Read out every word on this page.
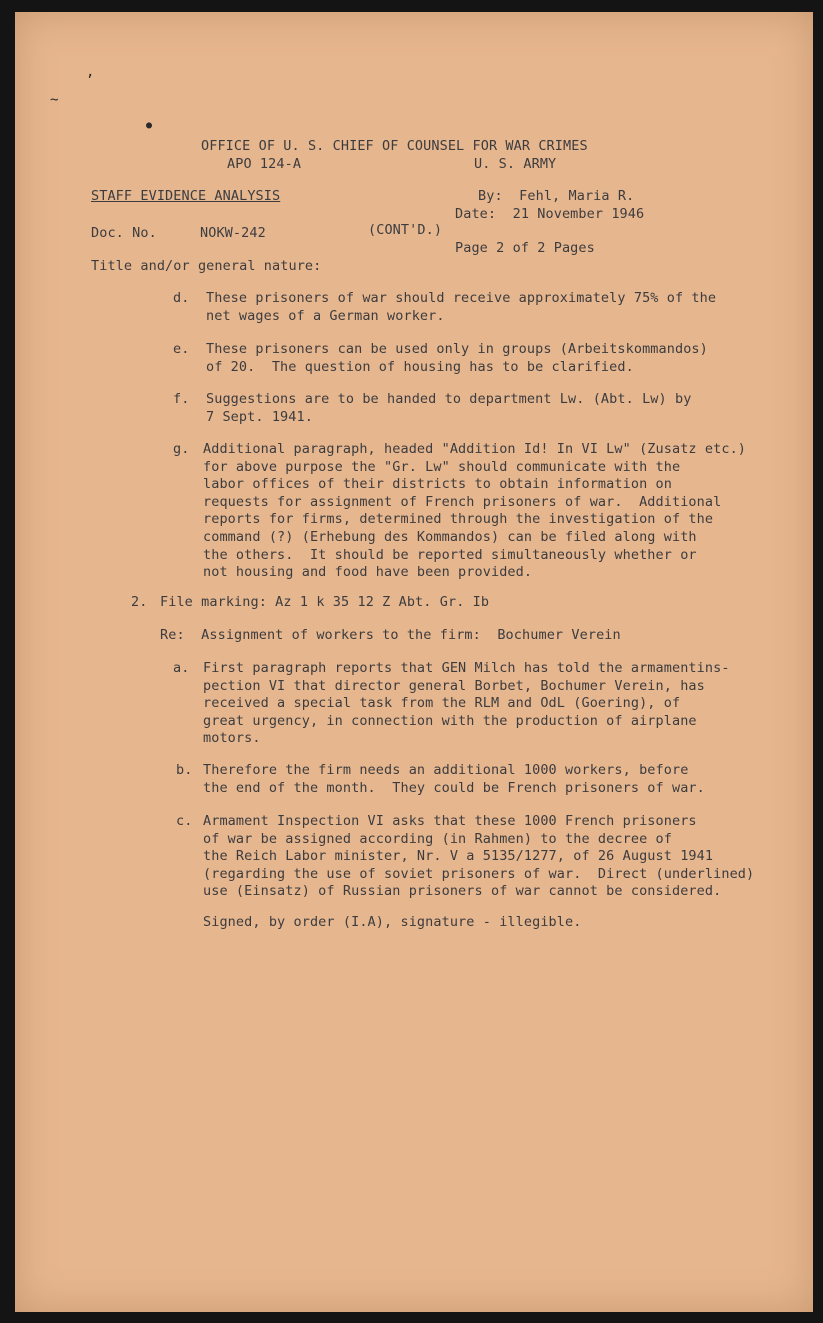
,
~
●
OFFICE OF U. S. CHIEF OF COUNSEL FOR WAR CRIMES
APO 124-A	U. S. ARMY
STAFF EVIDENCE ANALYSIS	By:  Fehl, Maria R.
Date:  21 November 1946
Doc. No.	NOKW-242	(CONT'D.)
Page 2 of 2 Pages
Title and/or general nature:
d. These prisoners of war should receive approximately 75% of the
net wages of a German worker.
e. These prisoners can be used only in groups (Arbeitskommandos)
of 20.  The question of housing has to be clarified.
f. Suggestions are to be handed to department Lw. (Abt. Lw) by
7 Sept. 1941.
g. Additional paragraph, headed "Addition Id! In VI Lw" (Zusatz etc.)
for above purpose the "Gr. Lw" should communicate with the
labor offices of their districts to obtain information on
requests for assignment of French prisoners of war.  Additional
reports for firms, determined through the investigation of the
command (?) (Erhebung des Kommandos) can be filed along with
the others.  It should be reported simultaneously whether or
not housing and food have been provided.
2. File marking: Az 1 k 35 12 Z Abt. Gr. Ib
Re:  Assignment of workers to the firm:  Bochumer Verein
a. First paragraph reports that GEN Milch has told the armamentins-
pection VI that director general Borbet, Bochumer Verein, has
received a special task from the RLM and OdL (Goering), of
great urgency, in connection with the production of airplane
motors.
b. Therefore the firm needs an additional 1000 workers, before
the end of the month.  They could be French prisoners of war.
c. Armament Inspection VI asks that these 1000 French prisoners
of war be assigned according (in Rahmen) to the decree of
the Reich Labor minister, Nr. V a 5135/1277, of 26 August 1941
(regarding the use of soviet prisoners of war.  Direct (underlined)
use (Einsatz) of Russian prisoners of war cannot be considered.
Signed, by order (I.A), signature - illegible.
